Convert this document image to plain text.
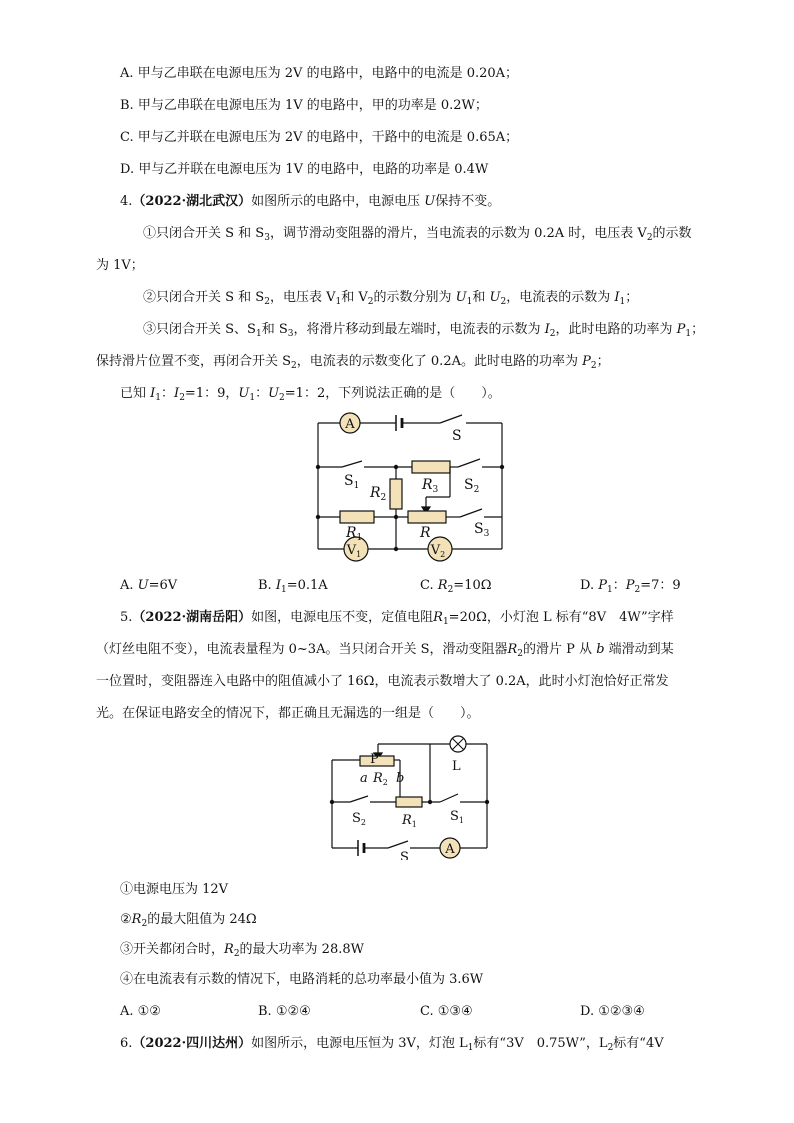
A. 甲与乙串联在电源电压为 2V 的电路中，电路中的电流是 0.20A；
B. 甲与乙串联在电源电压为 1V 的电路中，甲的功率是 0.2W；
C. 甲与乙并联在电源电压为 2V 的电路中，干路中的电流是 0.65A；
D. 甲与乙并联在电源电压为 1V 的电路中，电路的功率是 0.4W
4.（2022·湖北武汉）如图所示的电路中，电源电压 U保持不变。
①只闭合开关 S 和 $S_3$，调节滑动变阻器的滑片，当电流表的示数为 0.2A 时，电压表 $V_2$的示数
为 1V；
②只闭合开关 S 和 $S_2$，电压表 $V_1$和 $V_2$的示数分别为 $U_1$和 $U_2$，电流表的示数为 $I_1$；
③只闭合开关 S、$S_1$和 $S_3$，将滑片移动到最左端时，电流表的示数为 $I_2$，此时电路的功率为 $P_1$；
保持滑片位置不变，再闭合开关 $S_2$，电流表的示数变化了 0.2A。此时电路的功率为 $P_2$；
已知 $I_1$：$I_2=1$：9，$U_1$：$U_2=1$：2，下列说法正确的是（　　）。
A
$V_1$	$V_2$
S
$S_1$ $R_2$
$R_3$ $S_2$
$R_1$	R	$S_3$
A. U=6V	B. $I_1=0.1A$	C. $R_2=10\Omega$	D. $P_1$：$P_2=7$：9
5.（2022·湖南岳阳）如图，电源电压不变，定值电阻$R_1=20\Omega$，小灯泡 L 标有“8V　4W”字样
（灯丝电阻不变），电流表量程为 0~3A。当只闭合开关 S，滑动变阻器$R_2$的滑片 P 从 b 端滑动到某
一位置时，变阻器连入电路中的阻值减小了 16Ω，电流表示数增大了 0.2A，此时小灯泡恰好正常发
光。在保证电路安全的情况下，都正确且无漏选的一组是（　　）。
A
P	L
a $R_2$ b
$S_2$	$R_1$
$S_1$
S
①电源电压为 12V
$②R_2$的最大阻值为 24Ω
③开关都闭合时，$R_2$的最大功率为 28.8W
④在电流表有示数的情况下，电路消耗的总功率最小值为 3.6W
A. ①②	B. ①②④	C. ①③④	D. ①②③④
6.（2022·四川达州）如图所示，电源电压恒为 3V，灯泡 $L_1$标有“3V　0.75W”，$L_2$标有“4V
